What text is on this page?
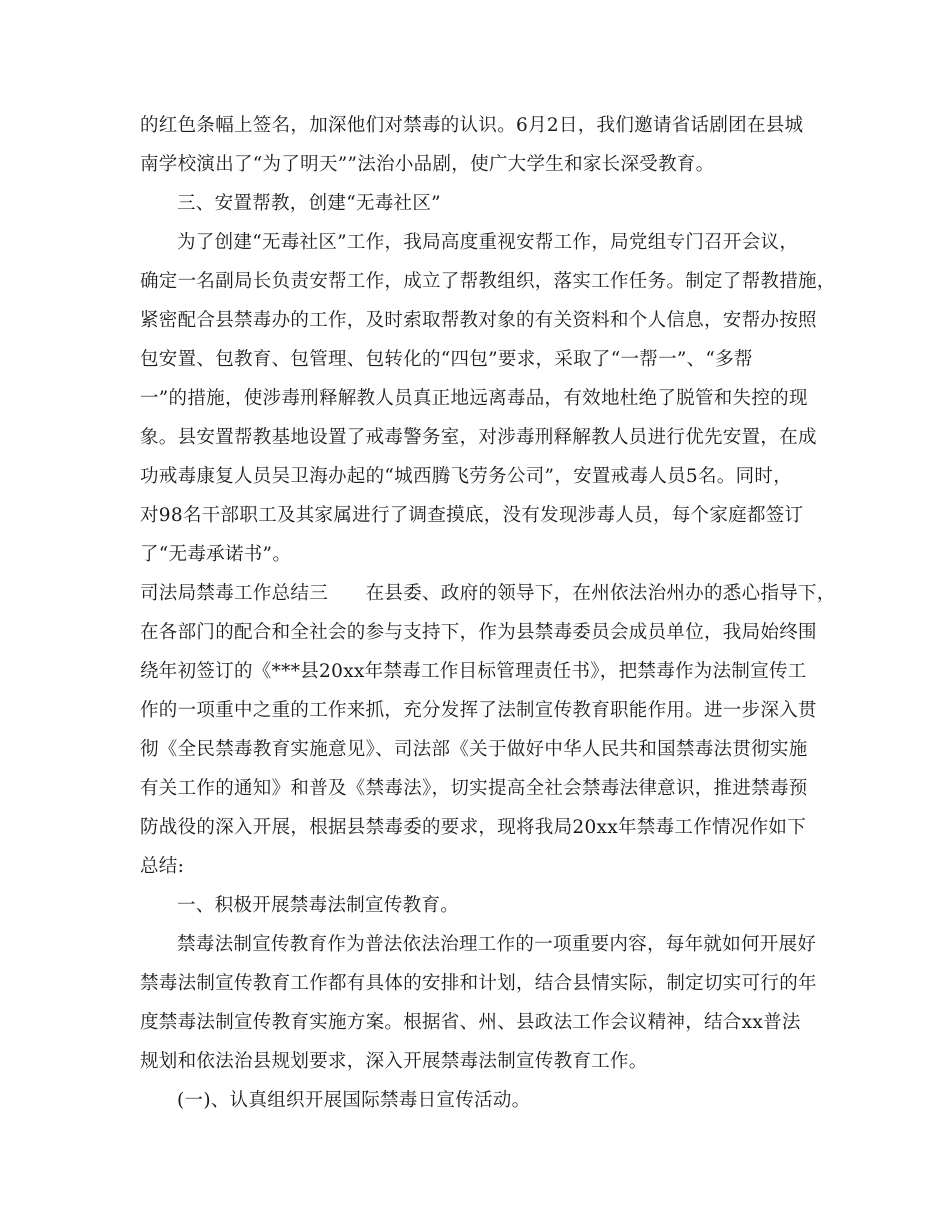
的红色条幅上签名，加深他们对禁毒的认识。6月2日，我们邀请省话剧团在县城
南学校演出了“为了明天””法治小品剧，使广大学生和家长深受教育。
三、安置帮教，创建“无毒社区”
为了创建“无毒社区”工作，我局高度重视安帮工作，局党组专门召开会议，
确定一名副局长负责安帮工作，成立了帮教组织，落实工作任务。制定了帮教措施，
紧密配合县禁毒办的工作，及时索取帮教对象的有关资料和个人信息，安帮办按照
包安置、包教育、包管理、包转化的“四包”要求，采取了“一帮一”、“多帮
一”的措施，使涉毒刑释解教人员真正地远离毒品，有效地杜绝了脱管和失控的现
象。县安置帮教基地设置了戒毒警务室，对涉毒刑释解教人员进行优先安置，在成
功戒毒康复人员吴卫海办起的“城西腾飞劳务公司”，安置戒毒人员5名。同时，
对98名干部职工及其家属进行了调查摸底，没有发现涉毒人员，每个家庭都签订
了“无毒承诺书”。
司法局禁毒工作总结三　　在县委、政府的领导下，在州依法治州办的悉心指导下，
在各部门的配合和全社会的参与支持下，作为县禁毒委员会成员单位，我局始终围
绕年初签订的《***县20xx年禁毒工作目标管理责任书》，把禁毒作为法制宣传工
作的一项重中之重的工作来抓，充分发挥了法制宣传教育职能作用。进一步深入贯
彻《全民禁毒教育实施意见》、司法部《关于做好中华人民共和国禁毒法贯彻实施
有关工作的通知》和普及《禁毒法》，切实提高全社会禁毒法律意识，推进禁毒预
防战役的深入开展，根据县禁毒委的要求，现将我局20xx年禁毒工作情况作如下
总结:
一、积极开展禁毒法制宣传教育。
禁毒法制宣传教育作为普法依法治理工作的一项重要内容，每年就如何开展好
禁毒法制宣传教育工作都有具体的安排和计划，结合县情实际，制定切实可行的年
度禁毒法制宣传教育实施方案。根据省、州、县政法工作会议精神，结合xx普法
规划和依法治县规划要求，深入开展禁毒法制宣传教育工作。
(一)、认真组织开展国际禁毒日宣传活动。
